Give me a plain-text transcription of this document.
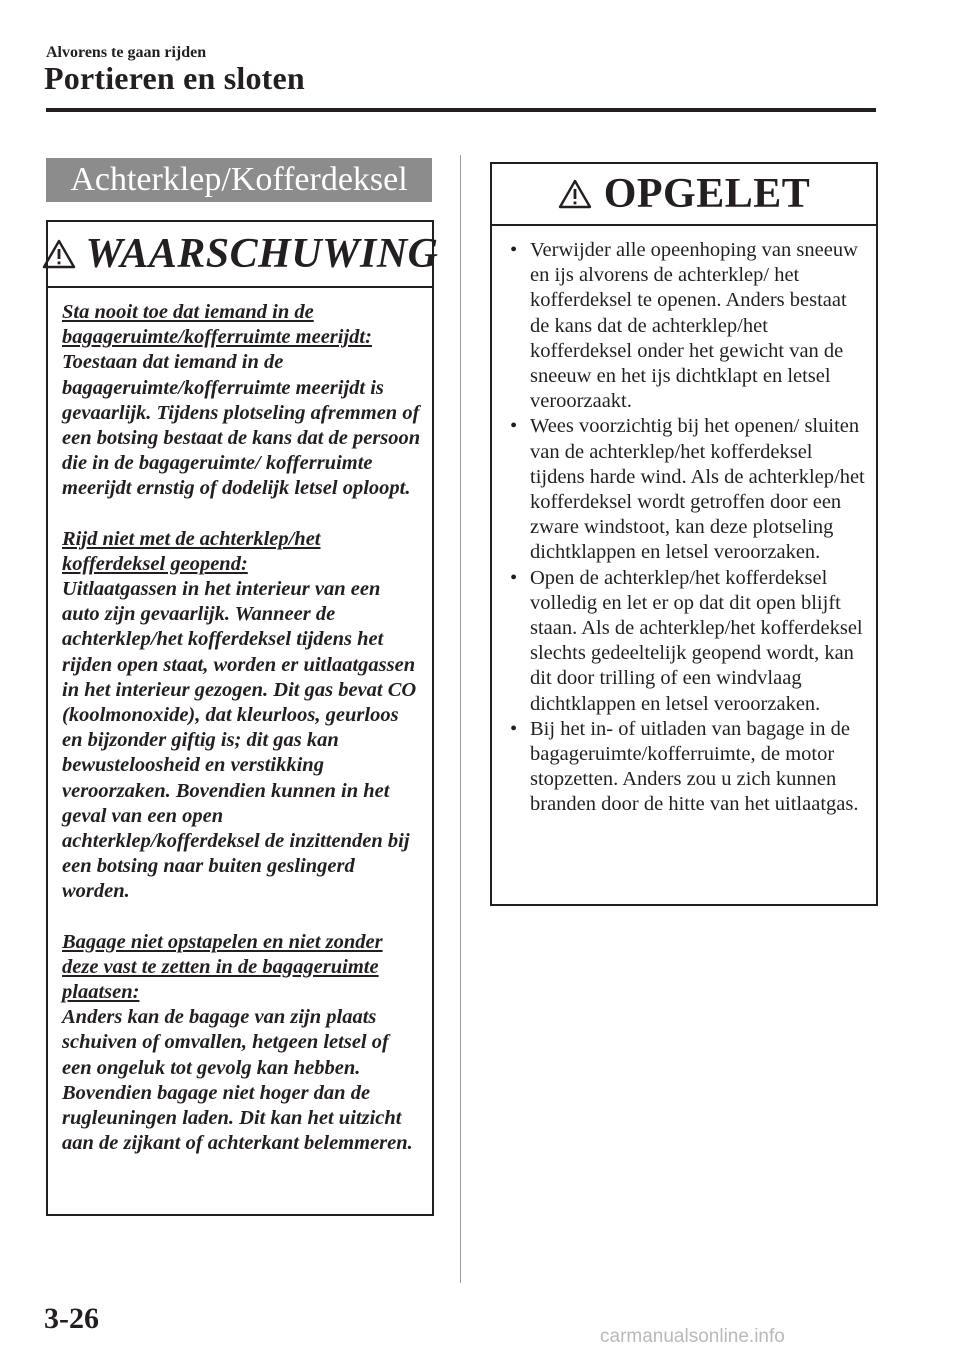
Alvorens te gaan rijden
Portieren en sloten
Achterklep/Kofferdeksel
WAARSCHUWING
Sta nooit toe dat iemand in de bagageruimte/kofferruimte meerijdt:
Toestaan dat iemand in de bagageruimte/kofferruimte meerijdt is gevaarlijk. Tijdens plotseling afremmen of een botsing bestaat de kans dat de persoon die in de bagageruimte/ kofferruimte meerijdt ernstig of dodelijk letsel oploopt.
Rijd niet met de achterklep/het kofferdeksel geopend:
Uitlaatgassen in het interieur van een auto zijn gevaarlijk. Wanneer de achterklep/het kofferdeksel tijdens het rijden open staat, worden er uitlaatgassen in het interieur gezogen. Dit gas bevat CO (koolmonoxide), dat kleurloos, geurloos en bijzonder giftig is; dit gas kan bewusteloosheid en verstikking veroorzaken. Bovendien kunnen in het geval van een open achterklep/kofferdeksel de inzittenden bij een botsing naar buiten geslingerd worden.
Bagage niet opstapelen en niet zonder deze vast te zetten in de bagageruimte plaatsen:
Anders kan de bagage van zijn plaats schuiven of omvallen, hetgeen letsel of een ongeluk tot gevolg kan hebben. Bovendien bagage niet hoger dan de rugleuningen laden. Dit kan het uitzicht aan de zijkant of achterkant belemmeren.
OPGELET
• Verwijder alle opeenhoping van sneeuw en ijs alvorens de achterklep/ het kofferdeksel te openen. Anders bestaat de kans dat de achterklep/het kofferdeksel onder het gewicht van de sneeuw en het ijs dichtklapt en letsel veroorzaakt.
• Wees voorzichtig bij het openen/ sluiten van de achterklep/het kofferdeksel tijdens harde wind. Als de achterklep/het kofferdeksel wordt getroffen door een zware windstoot, kan deze plotseling dichtklappen en letsel veroorzaken.
• Open de achterklep/het kofferdeksel volledig en let er op dat dit open blijft staan. Als de achterklep/het kofferdeksel slechts gedeeltelijk geopend wordt, kan dit door trilling of een windvlaag dichtklappen en letsel veroorzaken.
• Bij het in- of uitladen van bagage in de bagageruimte/kofferruimte, de motor stopzetten. Anders zou u zich kunnen branden door de hitte van het uitlaatgas.
3-26
carmanualsonline.info
